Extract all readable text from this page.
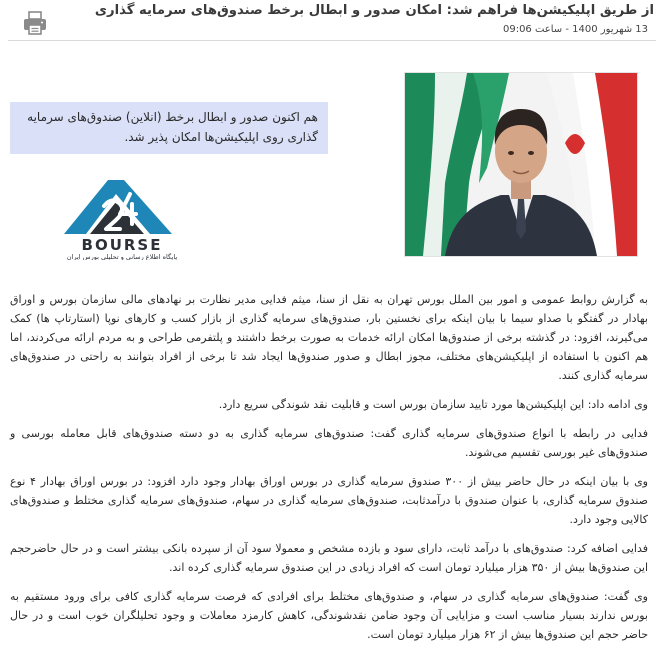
از طریق اپلیکیشن‌ها فراهم شد: امکان صدور و ابطال برخط صندوق‌های سرمایه گذاری
13 شهریور 1400 - ساعت 09:06
هم اکنون صدور و ابطال برخط (انلاین) صندوق‌های سرمایه گذاری روی اپلیکیشن‌ها امکان پذیر شد.
BOURSE
پایگاه اطلاع رسانی و تحلیلی بورس ایران

به گزارش روابط عمومی و امور بین الملل بورس تهران به نقل از سنا، میثم فدایی مدیر نظارت بر نهادهای مالی سازمان بورس و اوراق بهادار در گفتگو با صداو سیما با بیان اینکه برای نخستین بار، صندوق‌های سرمایه گذاری از بازار کسب و کارهای نوپا (استارتاپ ها) کمک می‌گیرند، افزود: در گذشته برخی از صندوق‌ها امکان ارائه خدمات به صورت برخط داشتند و پلتفرمی طراحی و به مردم ارائه می‌کردند، اما هم اکنون با استفاده از اپلیکیشن‌های مختلف، مجوز ابطال و صدور صندوق‌ها ایجاد شد تا برخی از افراد بتوانند به راحتی در صندوق‌های سرمایه گذاری کنند.

وی ادامه داد: این اپلیکیشن‌ها مورد تایید سازمان بورس است و قابلیت نقد شوندگی سریع دارد.

فدایی در رابطه با انواع صندوق‌های سرمایه گذاری گفت: صندوق‌های سرمایه گذاری به دو دسته صندوق‌های قابل معامله بورسی و صندوق‌های غیر بورسی تقسیم می‌شوند.

وی با بیان اینکه در حال حاضر بیش از ۳۰۰ صندوق سرمایه گذاری در بورس اوراق بهادار وجود دارد افزود: در بورس اوراق بهادار ۴ نوع صندوق سرمایه گذاری، با عنوان صندوق با درآمدثابت، صندوق‌های سرمایه گذاری در سهام، صندوق‌های سرمایه گذاری مختلط و صندوق‌های کالایی وجود دارد.

فدایی اضافه کرد: صندوق‌های با درآمد ثابت، دارای سود و بازده مشخص و معمولا سود آن از سپرده بانکی بیشتر است و در حال حاضرحجم این صندوق‌ها بیش از ۳۵۰ هزار میلیارد تومان است که افراد زیادی در این صندوق سرمایه گذاری کرده اند.

وی گفت: صندوق‌های سرمایه گذاری در سهام، و صندوق‌های مختلط برای افرادی که فرصت سرمایه گذاری کافی برای ورود مستقیم به بورس ندارند بسیار مناسب است و مزایایی آن وجود ضامن نقدشوندگی، کاهش کارمزد معاملات و وجود تحلیلگران خوب است و در حال حاضر حجم این صندوق‌ها بیش از ۶۲ هزار میلیارد تومان است.
